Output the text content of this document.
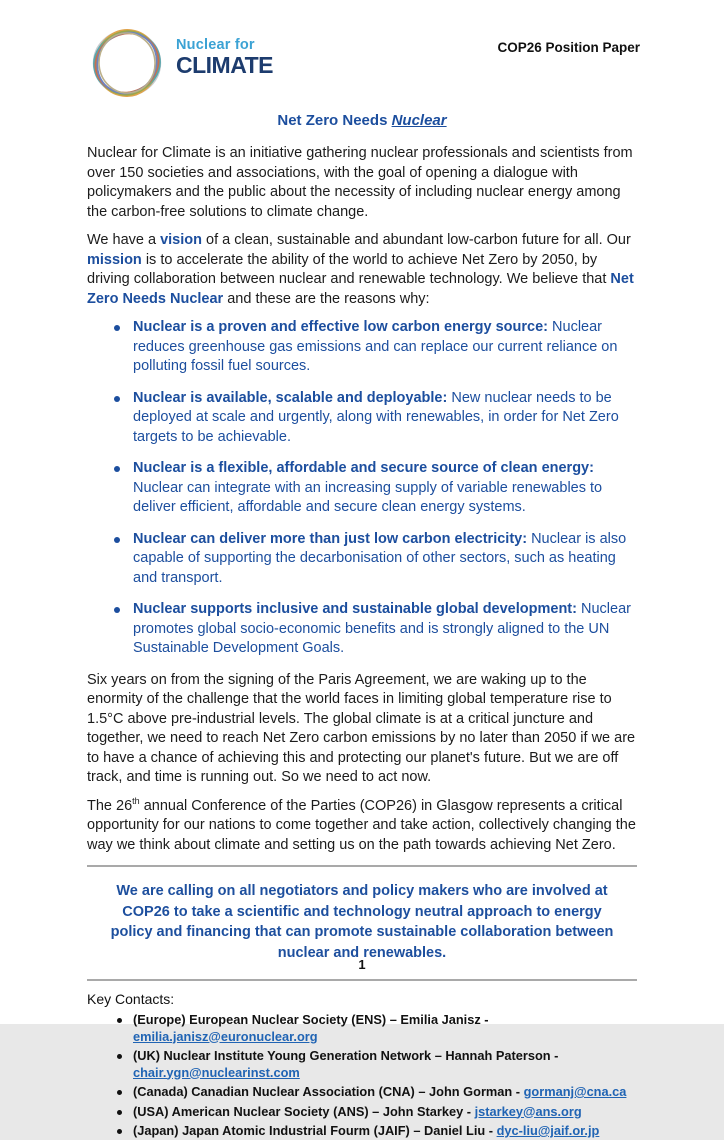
Nuclear for
CLIMATE
COP26 Position Paper
Net Zero Needs Nuclear

Nuclear for Climate is an initiative gathering nuclear professionals and scientists from over 150 societies and associations, with the goal of opening a dialogue with policymakers and the public about the necessity of including nuclear energy among the carbon-free solutions to climate change.

We have a vision of a clean, sustainable and abundant low-carbon future for all. Our mission is to accelerate the ability of the world to achieve Net Zero by 2050, by driving collaboration between nuclear and renewable technology. We believe that Net Zero Needs Nuclear and these are the reasons why:

Nuclear is a proven and effective low carbon energy source: Nuclear reduces greenhouse gas emissions and can replace our current reliance on polluting fossil fuel sources.
Nuclear is available, scalable and deployable: New nuclear needs to be deployed at scale and urgently, along with renewables, in order for Net Zero targets to be achievable.
Nuclear is a flexible, affordable and secure source of clean energy: Nuclear can integrate with an increasing supply of variable renewables to deliver efficient, affordable and secure clean energy systems.
Nuclear can deliver more than just low carbon electricity: Nuclear is also capable of supporting the decarbonisation of other sectors, such as heating and transport.
Nuclear supports inclusive and sustainable global development: Nuclear promotes global socio-economic benefits and is strongly aligned to the UN Sustainable Development Goals.

Six years on from the signing of the Paris Agreement, we are waking up to the enormity of the challenge that the world faces in limiting global temperature rise to 1.5°C above pre-industrial levels. The global climate is at a critical juncture and together, we need to reach Net Zero carbon emissions by no later than 2050 if we are to have a chance of achieving this and protecting our planet's future. But we are off track, and time is running out. So we need to act now.

The 26th annual Conference of the Parties (COP26) in Glasgow represents a critical opportunity for our nations to come together and take action, collectively changing the way we think about climate and setting us on the path towards achieving Net Zero.

We are calling on all negotiators and policy makers who are involved at COP26 to take a scientific and technology neutral approach to energy policy and financing that can promote sustainable collaboration between nuclear and renewables.

Key Contacts:
(Europe) European Nuclear Society (ENS) – Emilia Janisz - emilia.janisz@euronuclear.org
(UK) Nuclear Institute Young Generation Network – Hannah Paterson - chair.ygn@nuclearinst.com
(Canada) Canadian Nuclear Association (CNA) – John Gorman - gormanj@cna.ca
(USA) American Nuclear Society (ANS) – John Starkey - jstarkey@ans.org
(Japan) Japan Atomic Industrial Fourm (JAIF) – Daniel Liu - dyc-liu@jaif.or.jp
1
